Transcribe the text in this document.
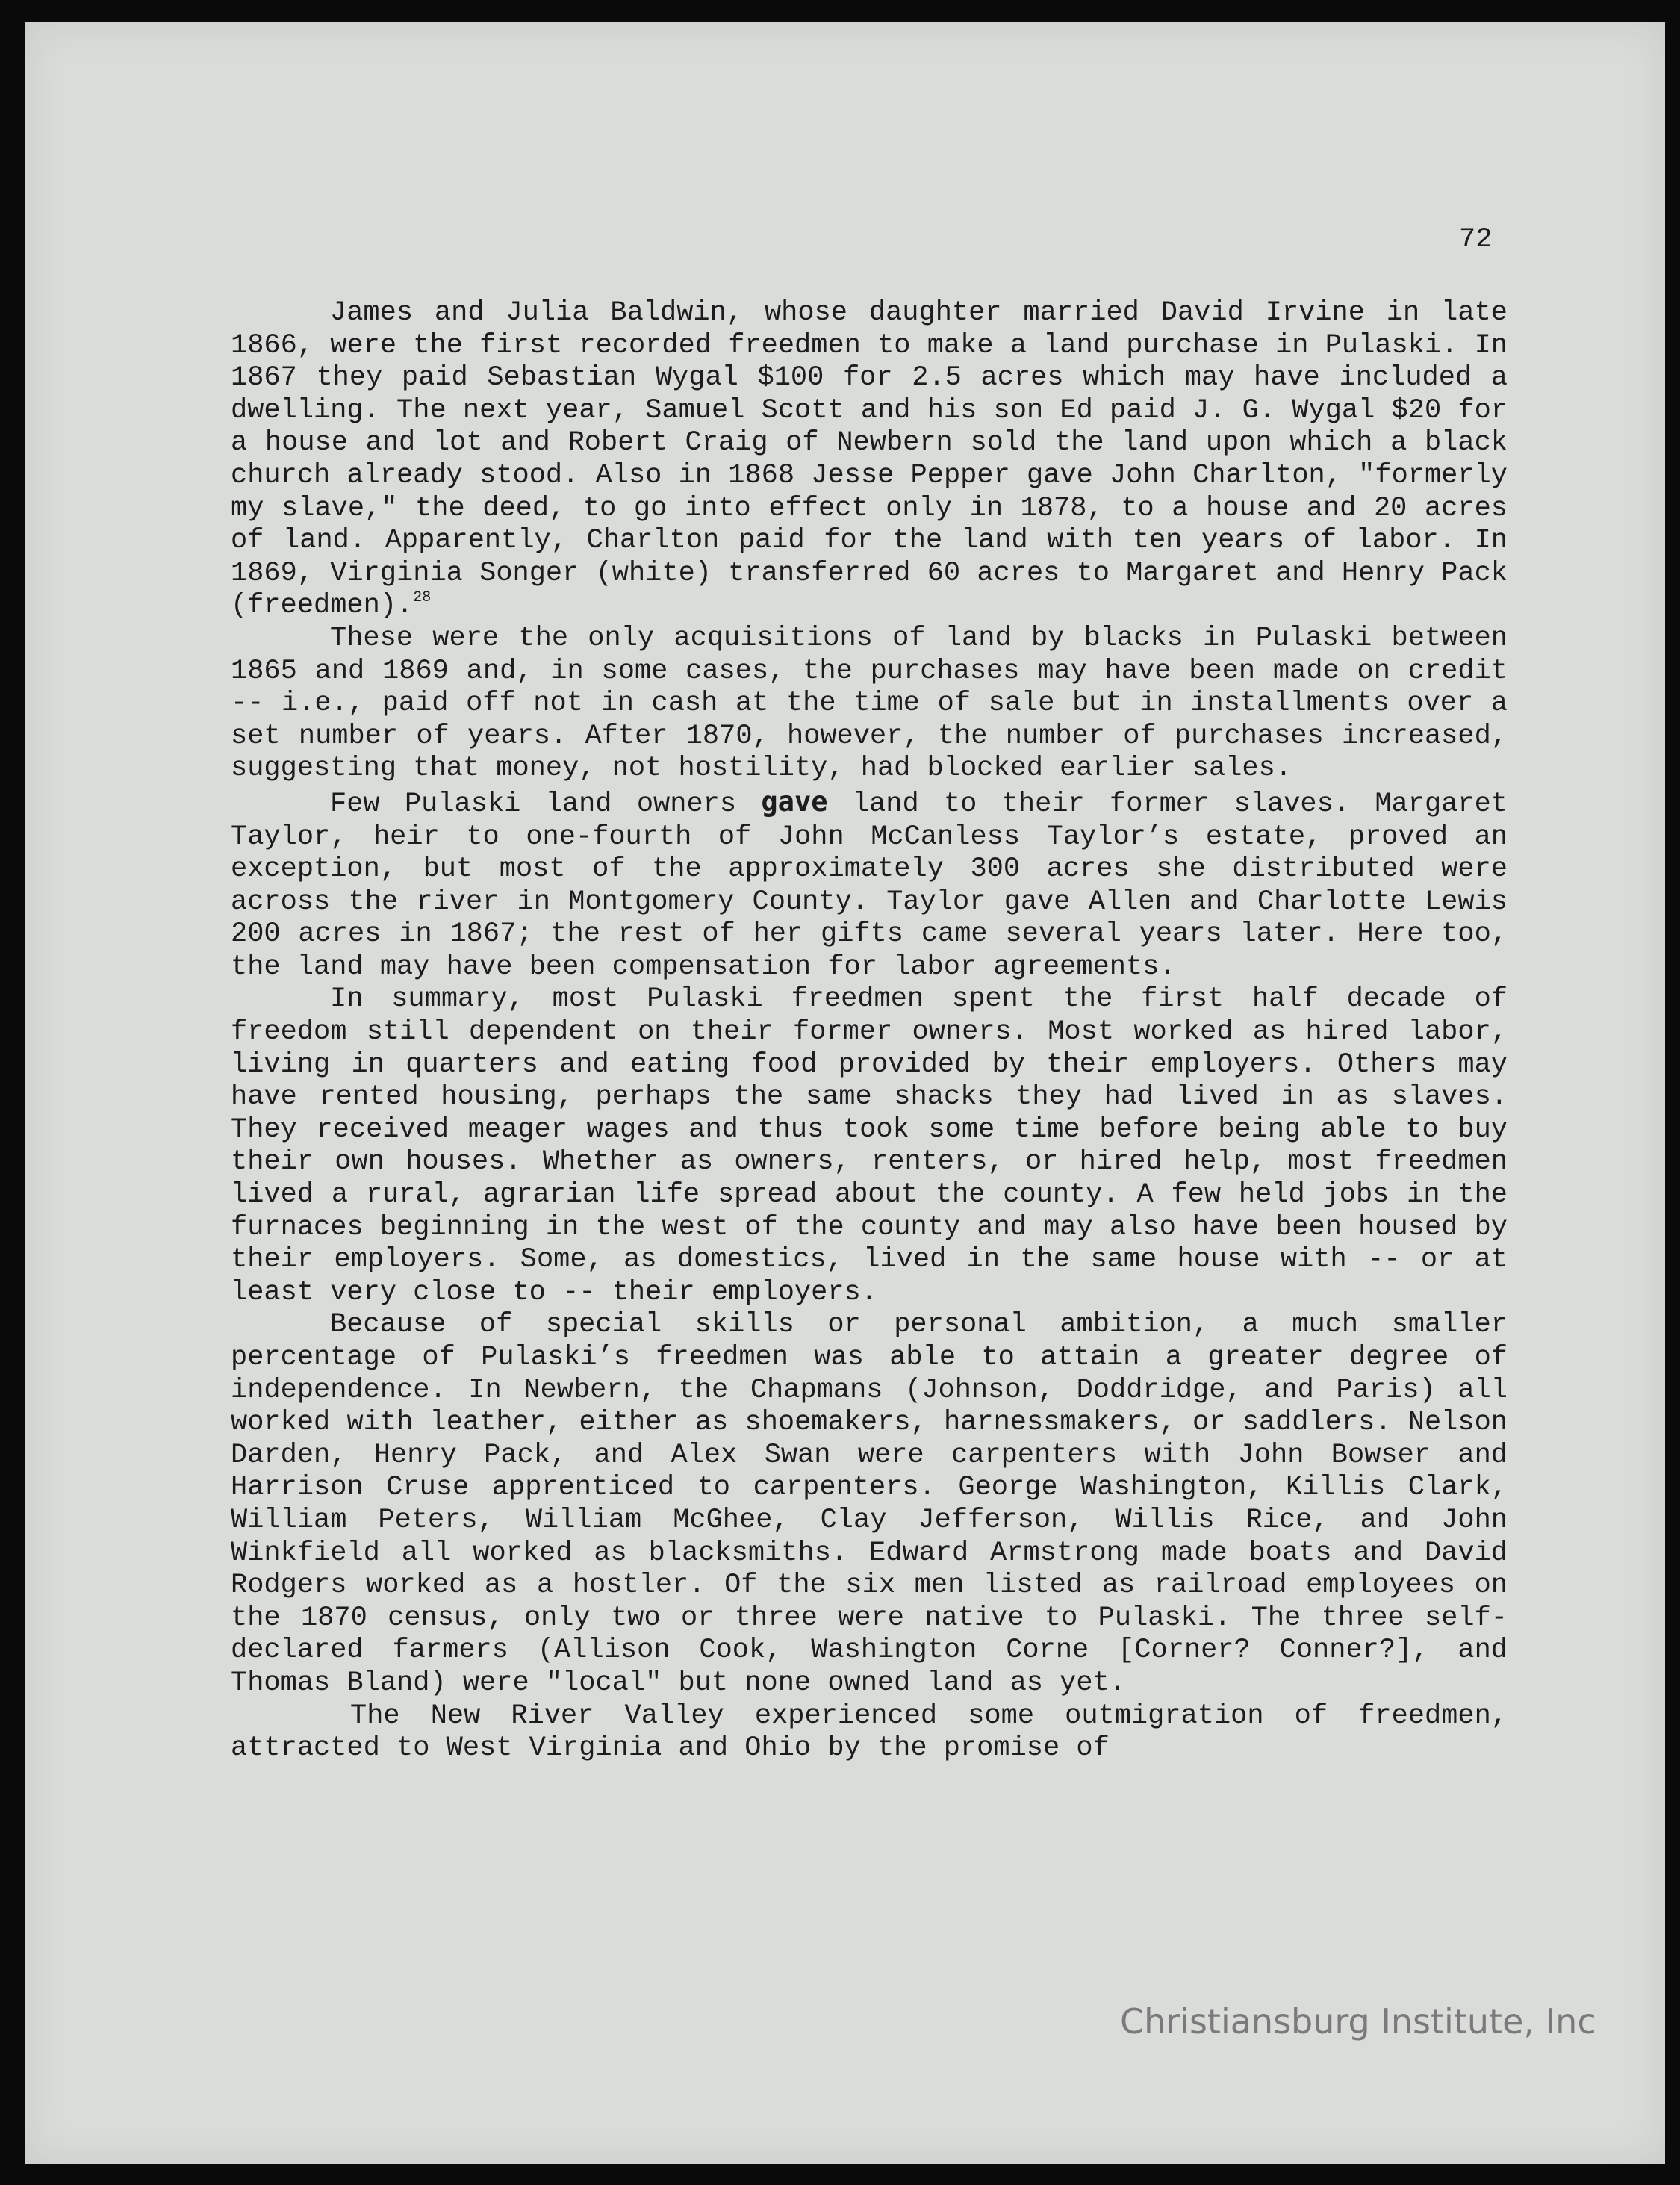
72

James and Julia Baldwin, whose daughter married David Irvine in late 1866, were the first recorded freedmen to make a land purchase in Pulaski. In 1867 they paid Sebastian Wygal $100 for 2.5 acres which may have included a dwelling. The next year, Samuel Scott and his son Ed paid J. G. Wygal $20 for a house and lot and Robert Craig of Newbern sold the land upon which a black church already stood. Also in 1868 Jesse Pepper gave John Charlton, "formerly my slave," the deed, to go into effect only in 1878, to a house and 20 acres of land. Apparently, Charlton paid for the land with ten years of labor. In 1869, Virginia Songer (white) transferred 60 acres to Margaret and Henry Pack (freedmen).$^{28}$

These were the only acquisitions of land by blacks in Pulaski between 1865 and 1869 and, in some cases, the purchases may have been made on credit -- i.e., paid off not in cash at the time of sale but in installments over a set number of years. After 1870, however, the number of purchases increased, suggesting that money, not hostility, had blocked earlier sales.

Few Pulaski land owners gave land to their former slaves. Margaret Taylor, heir to one-fourth of John McCanless Taylor’s estate, proved an exception, but most of the approximately 300 acres she distributed were across the river in Montgomery County. Taylor gave Allen and Charlotte Lewis 200 acres in 1867; the rest of her gifts came several years later. Here too, the land may have been compensation for labor agreements.

In summary, most Pulaski freedmen spent the first half decade of freedom still dependent on their former owners. Most worked as hired labor, living in quarters and eating food provided by their employers. Others may have rented housing, perhaps the same shacks they had lived in as slaves. They received meager wages and thus took some time before being able to buy their own houses. Whether as owners, renters, or hired help, most freedmen lived a rural, agrarian life spread about the county. A few held jobs in the furnaces beginning in the west of the county and may also have been housed by their employers. Some, as domestics, lived in the same house with -- or at least very close to -- their employers.

Because of special skills or personal ambition, a much smaller percentage of Pulaski’s freedmen was able to attain a greater degree of independence. In Newbern, the Chapmans (Johnson, Doddridge, and Paris) all worked with leather, either as shoemakers, harnessmakers, or saddlers. Nelson Darden, Henry Pack, and Alex Swan were carpenters with John Bowser and Harrison Cruse apprenticed to carpenters. George Washington, Killis Clark, William Peters, William McGhee, Clay Jefferson, Willis Rice, and John Winkfield all worked as blacksmiths. Edward Armstrong made boats and David Rodgers worked as a hostler. Of the six men listed as railroad employees on the 1870 census, only two or three were native to Pulaski. The three self-declared farmers (Allison Cook, Washington Corne [Corner? Conner?], and Thomas Bland) were "local" but none owned land as yet.

The New River Valley experienced some outmigration of freedmen, attracted to West Virginia and Ohio by the promise of

Christiansburg Institute, Inc
